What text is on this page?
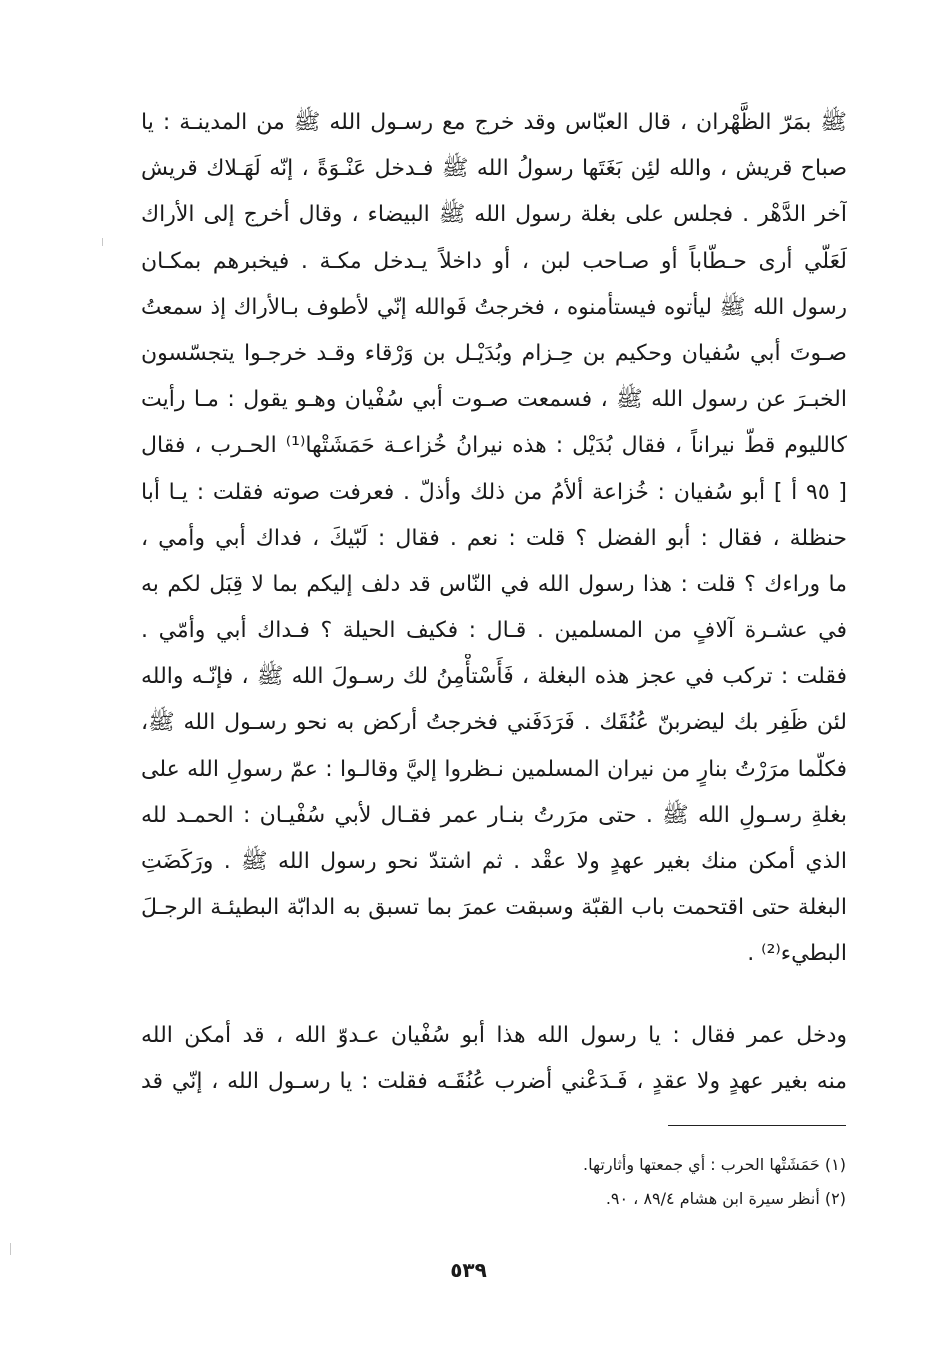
ﷺ بمَرّ الظَّهْران ، قال العبّاس وقد خرج مع رسـول الله ﷺ من المدينـة : يا
صباح قريش ، والله لئِن بَغَتَها رسولُ الله ﷺ فـدخل عَنْـوَةً ، إنّه لَهَـلاك قريش
آخر الدَّهْر . فجلس على بغلة رسول الله ﷺ البيضاء ، وقال أخرج إلى الأراك
لَعَلّي أرى حـطّاباً أو صـاحب لبن ، أو داخلاً يـدخل مكـة . فيخبرهم بمكـان
رسول الله ﷺ ليأتوه فيستأمنوه ، فخرجتُ فَوالله إنّي لأطوف بـالأراك إذ سمعتُ
صـوتَ أبي سُفيان وحكيم بن حِـزام وبُدَيْـل بن وَرْقاء وقـد خرجـوا يتجسّسون
الخبـرَ عن رسول الله ﷺ ، فسمعت صـوت أبي سُفْيان وهـو يقول : مـا رأيت
كالليوم قطّ نيراناً ، فقال بُدَيْل : هذه نيرانُ خُزاعـة حَمَشَتْها⁽¹⁾ الحـرب ، فقال
[ ٩٥ أ ] أبو سُفيان : خُزاعة ألأمُ من ذلك وأذلّ . فعرفت صوته فقلت : يـا أبا
حنظلة ، فقال : أبو الفضل ؟ قلت : نعم . فقال : لَبّيكَ ، فداك أبي وأمي ،
ما وراءك ؟ قلت : هذا رسول الله في النّاس قد دلف إليكم بما لا قِبَل لكم به
في عشـرة آلافٍ من المسلمين . قـال : فكيف الحيلة ؟ فـداك أبي وأمّي .
فقلت : تركب في عجز هذه البغلة ، فَأَسْتأْمِنُ لك رسـولَ الله ﷺ ، فإنّـه والله
لئن ظَفِر بك ليضربنّ عُنُقَك . فَرَدَفَني فخرجتُ أركض به نحو رسـول الله ﷺ،
فكلّما مرَرْتُ بنارٍ من نيران المسلمين نـظروا إليَّ وقالـوا : عمّ رسولِ الله على
بغلةِ رسـولِ الله ﷺ . حتى مرَرتُ بنـار عمر فقـال لأبي سُفْيـان : الحمـد لله
الذي أمكن منك بغير عهدٍ ولا عقْد . ثم اشتدّ نحو رسول الله ﷺ . ورَكَضَتِ
البغلة حتى اقتحمت باب القبّة وسبقت عمرَ بما تسبق به الدابّة البطيئـة الرجـلَ
البطيء⁽²⁾ .
ودخل عمر فقال : يا رسول الله هذا أبو سُفْيان عـدوّ الله ، قد أمكن الله
منه بغير عهدٍ ولا عقدٍ ، فَـدَعْني أضرب عُنُقَـه فقلت : يا رسـول الله ، إنّي قد
(١) حَمَشَتْها الحرب : أي جمعتها وأثارتها.
(٢) أنظر سيرة ابن هشام ٨٩/٤ ، ٩٠.
٥٣٩
